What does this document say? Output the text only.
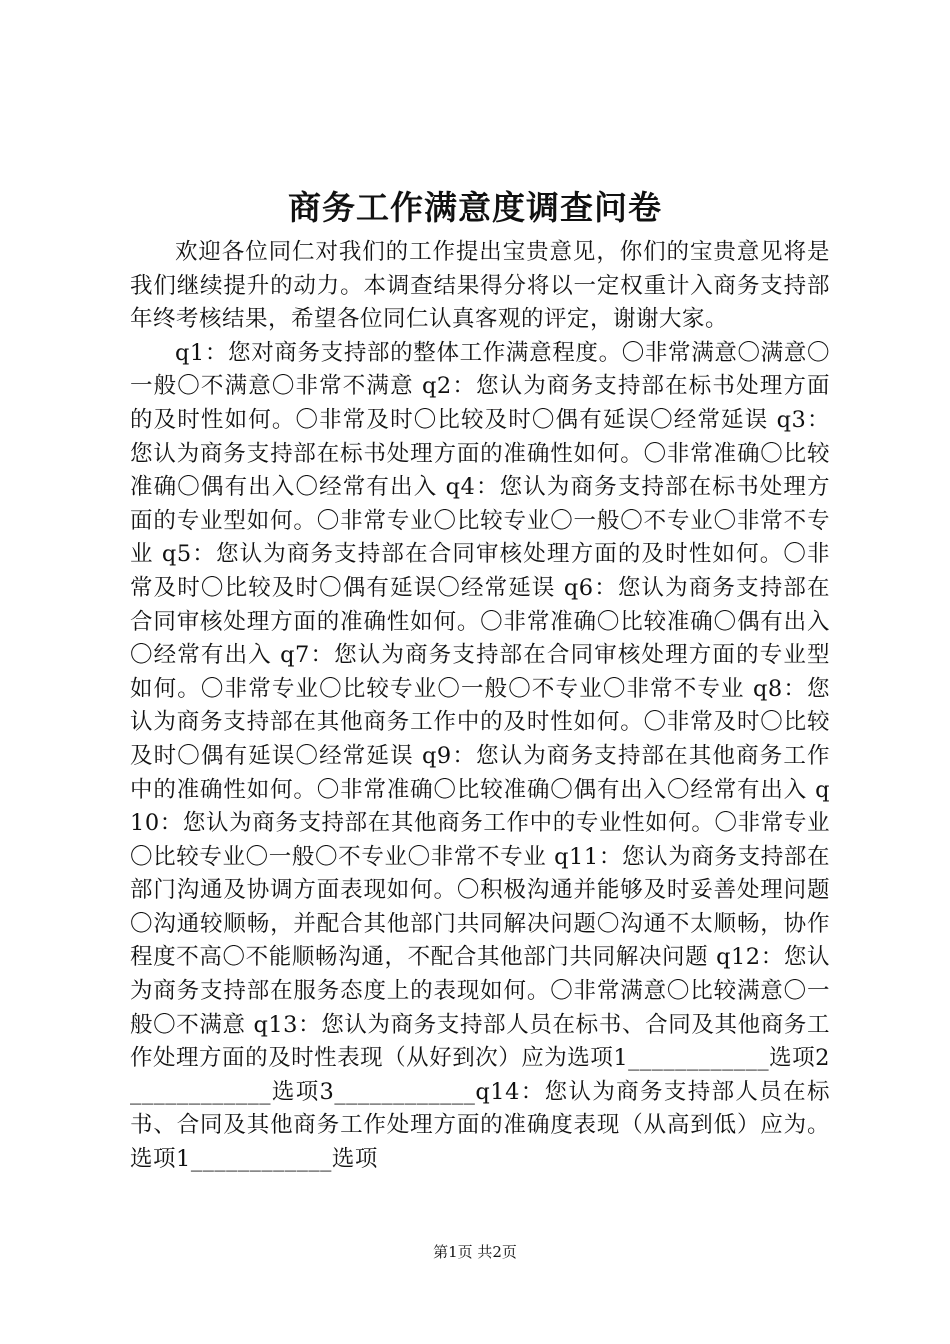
商务工作满意度调查问卷

欢迎各位同仁对我们的工作提出宝贵意见，你们的宝贵意见将是我们继续提升的动力。本调查结果得分将以一定权重计入商务支持部年终考核结果，希望各位同仁认真客观的评定，谢谢大家。

q1：您对商务支持部的整体工作满意程度。〇非常满意〇满意〇一般〇不满意〇非常不满意 q2：您认为商务支持部在标书处理方面的及时性如何。〇非常及时〇比较及时〇偶有延误〇经常延误 q3：您认为商务支持部在标书处理方面的准确性如何。〇非常准确〇比较准确〇偶有出入〇经常有出入 q4：您认为商务支持部在标书处理方面的专业型如何。〇非常专业〇比较专业〇一般〇不专业〇非常不专业 q5：您认为商务支持部在合同审核处理方面的及时性如何。〇非常及时〇比较及时〇偶有延误〇经常延误 q6：您认为商务支持部在合同审核处理方面的准确性如何。〇非常准确〇比较准确〇偶有出入〇经常有出入 q7：您认为商务支持部在合同审核处理方面的专业型如何。〇非常专业〇比较专业〇一般〇不专业〇非常不专业 q8：您认为商务支持部在其他商务工作中的及时性如何。〇非常及时〇比较及时〇偶有延误〇经常延误 q9：您认为商务支持部在其他商务工作中的准确性如何。〇非常准确〇比较准确〇偶有出入〇经常有出入 q10：您认为商务支持部在其他商务工作中的专业性如何。〇非常专业〇比较专业〇一般〇不专业〇非常不专业 q11：您认为商务支持部在部门沟通及协调方面表现如何。〇积极沟通并能够及时妥善处理问题〇沟通较顺畅，并配合其他部门共同解决问题〇沟通不太顺畅，协作程度不高〇不能顺畅沟通，不配合其他部门共同解决问题 q12：您认为商务支持部在服务态度上的表现如何。〇非常满意〇比较满意〇一般〇不满意 q13：您认为商务支持部人员在标书、合同及其他商务工作处理方面的及时性表现（从好到次）应为选项1____________选项2____________选项3____________q14：您认为商务支持部人员在标书、合同及其他商务工作处理方面的准确度表现（从高到低）应为。选项1____________选项

第1页 共2页
